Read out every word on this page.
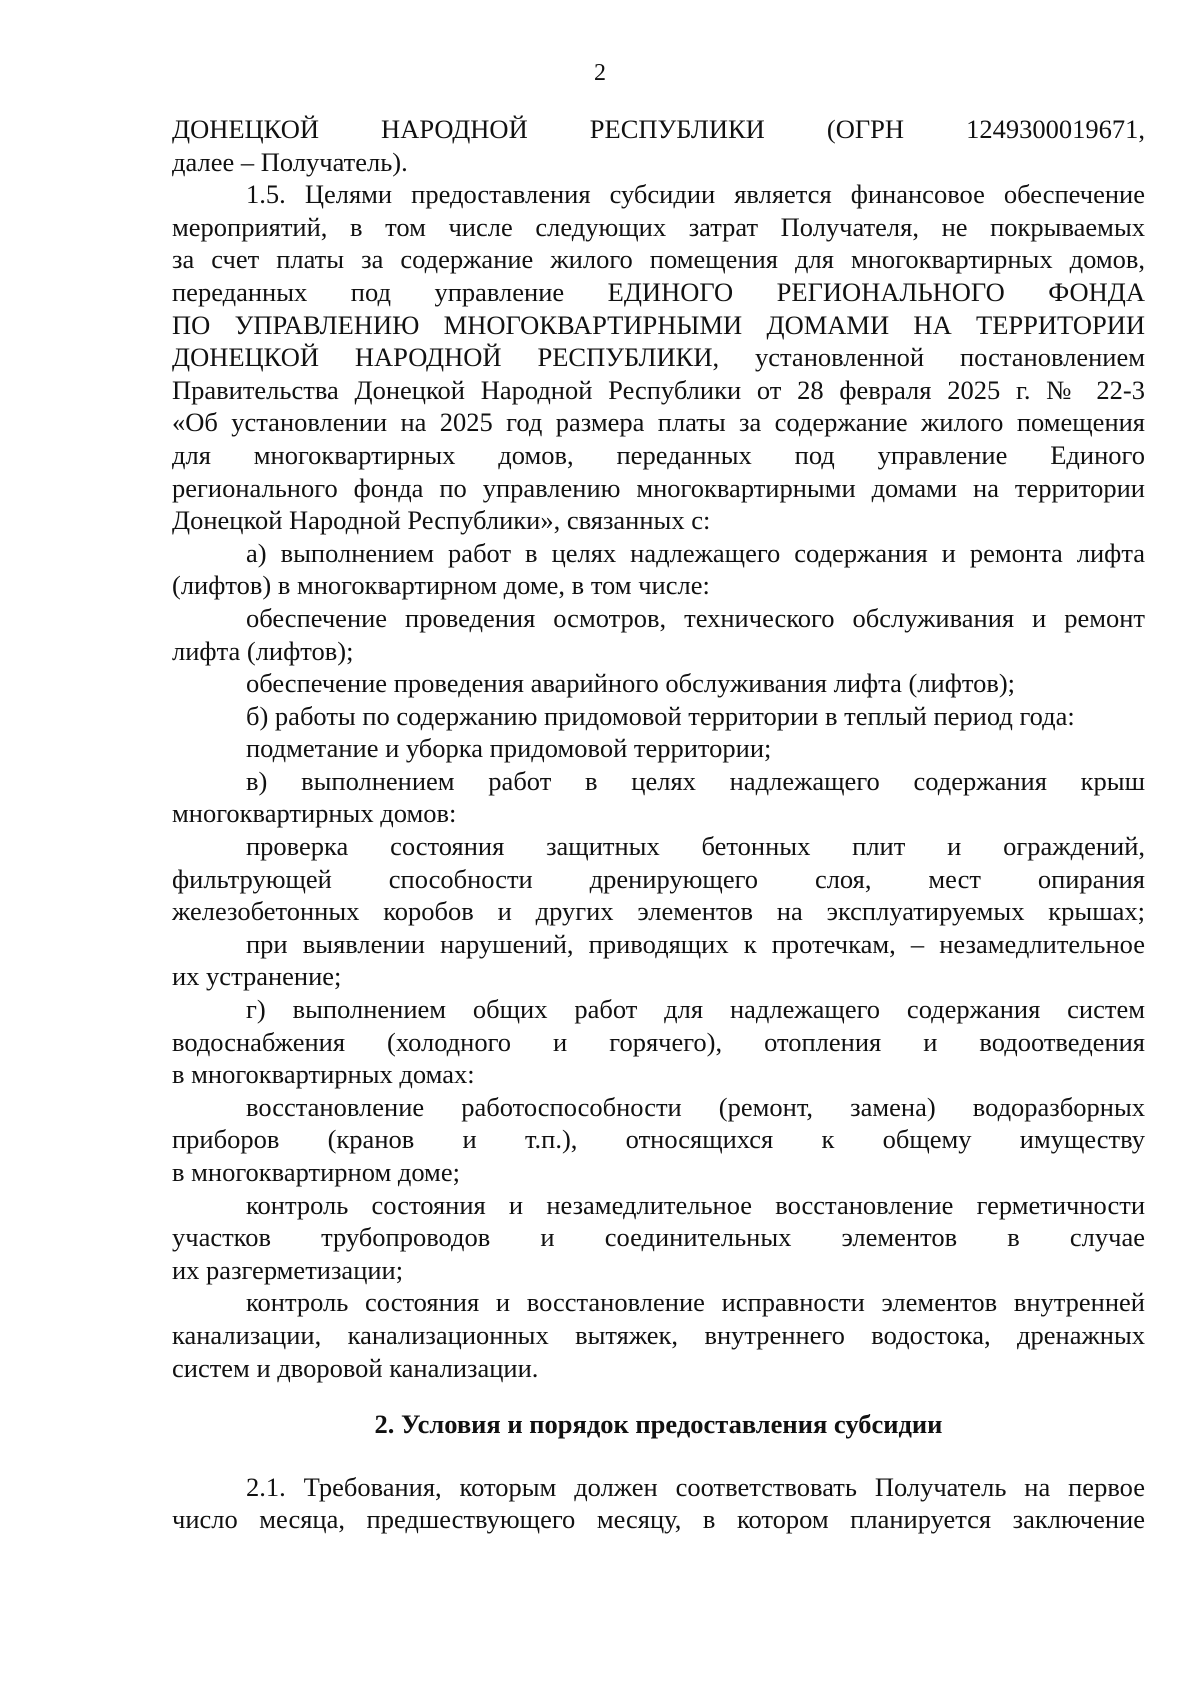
2
ДОНЕЦКОЙ НАРОДНОЙ РЕСПУБЛИКИ (ОГРН 1249300019671,
далее – Получатель).
1.5. Целями предоставления субсидии является финансовое обеспечение
мероприятий, в том числе следующих затрат Получателя, не покрываемых
за счет платы за содержание жилого помещения для многоквартирных домов,
переданных под управление ЕДИНОГО РЕГИОНАЛЬНОГО ФОНДА
ПО УПРАВЛЕНИЮ МНОГОКВАРТИРНЫМИ ДОМАМИ НА ТЕРРИТОРИИ
ДОНЕЦКОЙ НАРОДНОЙ РЕСПУБЛИКИ, установленной постановлением
Правительства Донецкой Народной Республики от 28 февраля 2025 г. № 22-3
«Об установлении на 2025 год размера платы за содержание жилого помещения
для многоквартирных домов, переданных под управление Единого
регионального фонда по управлению многоквартирными домами на территории
Донецкой Народной Республики», связанных с:
а) выполнением работ в целях надлежащего содержания и ремонта лифта
(лифтов) в многоквартирном доме, в том числе:
обеспечение проведения осмотров, технического обслуживания и ремонт
лифта (лифтов);
обеспечение проведения аварийного обслуживания лифта (лифтов);
б) работы по содержанию придомовой территории в теплый период года:
подметание и уборка придомовой территории;
в) выполнением работ в целях надлежащего содержания крыш
многоквартирных домов:
проверка состояния защитных бетонных плит и ограждений,
фильтрующей способности дренирующего слоя, мест опирания
железобетонных коробов и других элементов на эксплуатируемых крышах;
при выявлении нарушений, приводящих к протечкам, – незамедлительное
их устранение;
г) выполнением общих работ для надлежащего содержания систем
водоснабжения (холодного и горячего), отопления и водоотведения
в многоквартирных домах:
восстановление работоспособности (ремонт, замена) водоразборных
приборов (кранов и т.п.), относящихся к общему имуществу
в многоквартирном доме;
контроль состояния и незамедлительное восстановление герметичности
участков трубопроводов и соединительных элементов в случае
их разгерметизации;
контроль состояния и восстановление исправности элементов внутренней
канализации, канализационных вытяжек, внутреннего водостока, дренажных
систем и дворовой канализации.
2. Условия и порядок предоставления субсидии
2.1. Требования, которым должен соответствовать Получатель на первое
число месяца, предшествующего месяцу, в котором планируется заключение
